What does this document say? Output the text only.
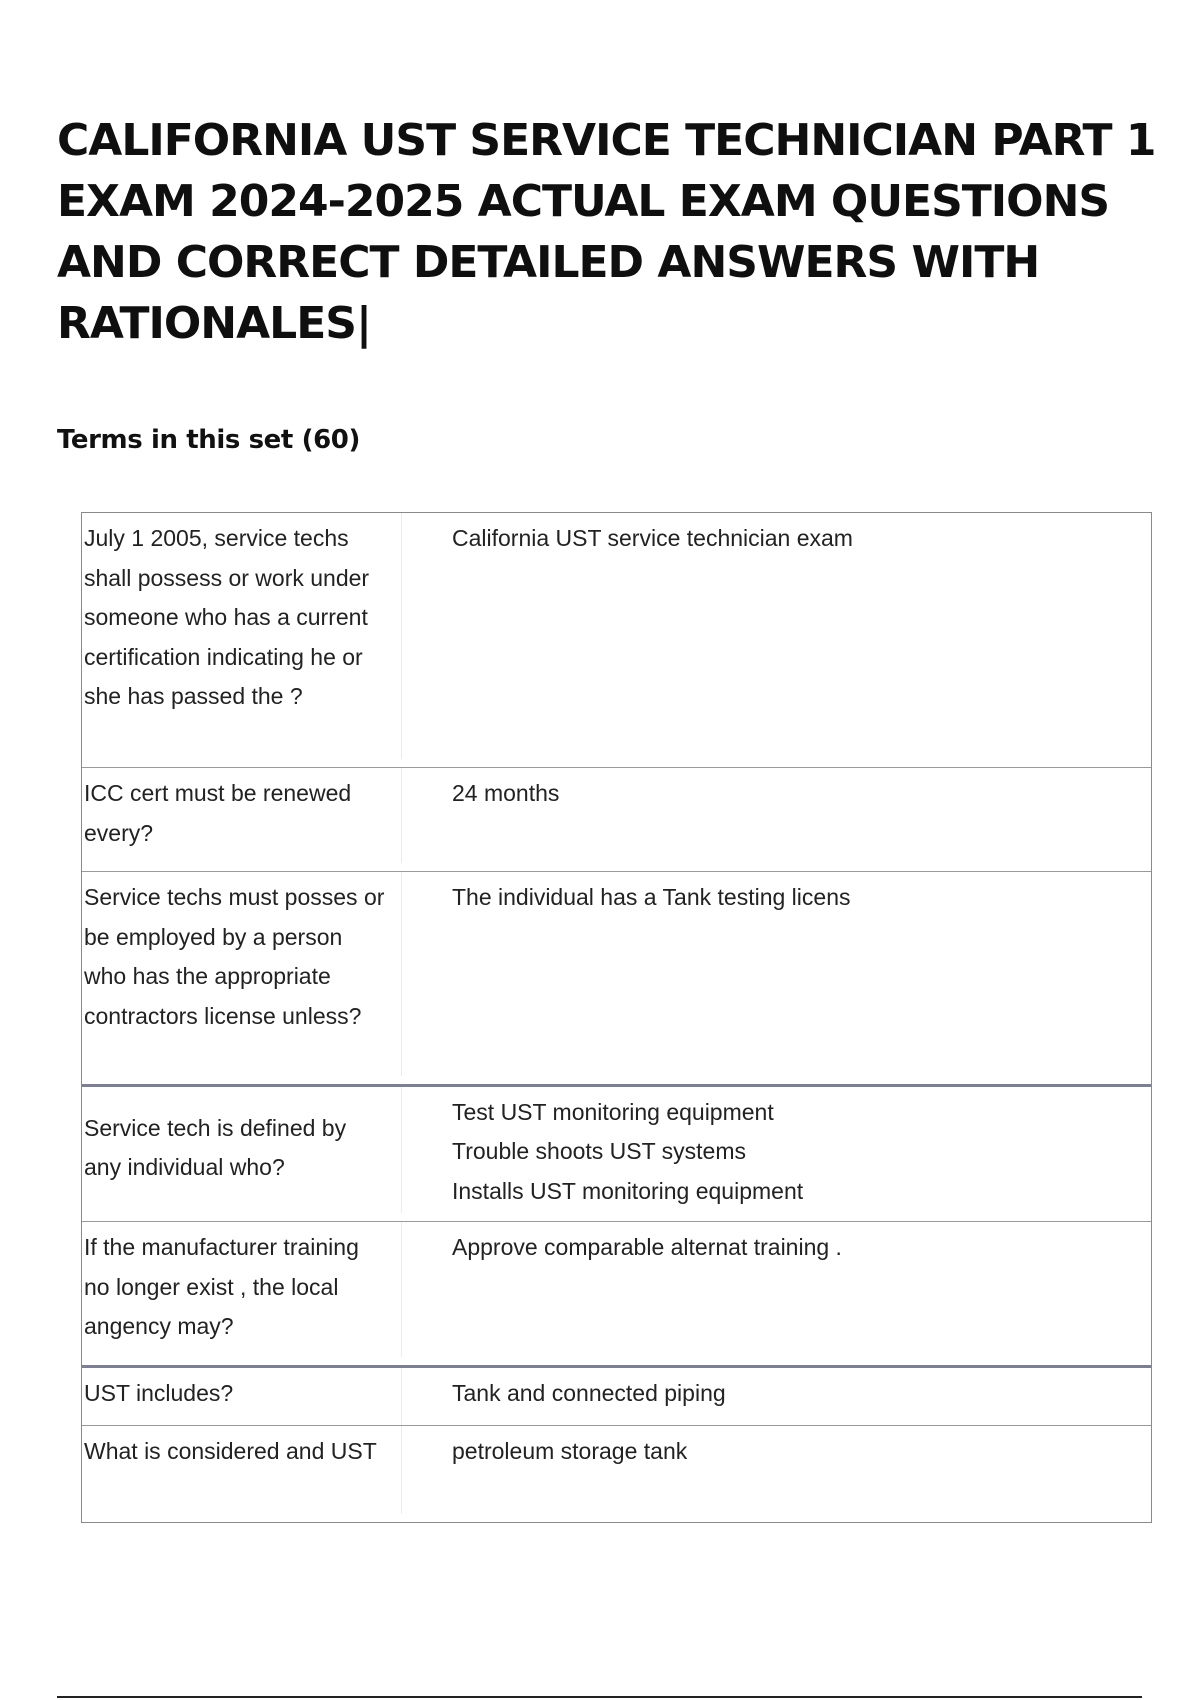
CALIFORNIA UST SERVICE TECHNICIAN PART 1 EXAM 2024-2025 ACTUAL EXAM QUESTIONS AND CORRECT DETAILED ANSWERS WITH RATIONALES|
Terms in this set (60)
July 1 2005, service techs shall possess or work under someone who has a current certification indicating he or she has passed the ?
California UST service technician exam
ICC cert must be renewed every?
24 months
Service techs must posses or be employed by a person who has the appropriate contractors license unless?
The individual has a Tank testing licens
Service tech is defined by any individual who?
Test UST monitoring equipment
Trouble shoots UST systems
Installs UST monitoring equipment
If the manufacturer training no longer exist , the local angency may?
Approve comparable alternat training .
UST includes?	Tank and connected piping
What is considered and UST	petroleum storage tank
